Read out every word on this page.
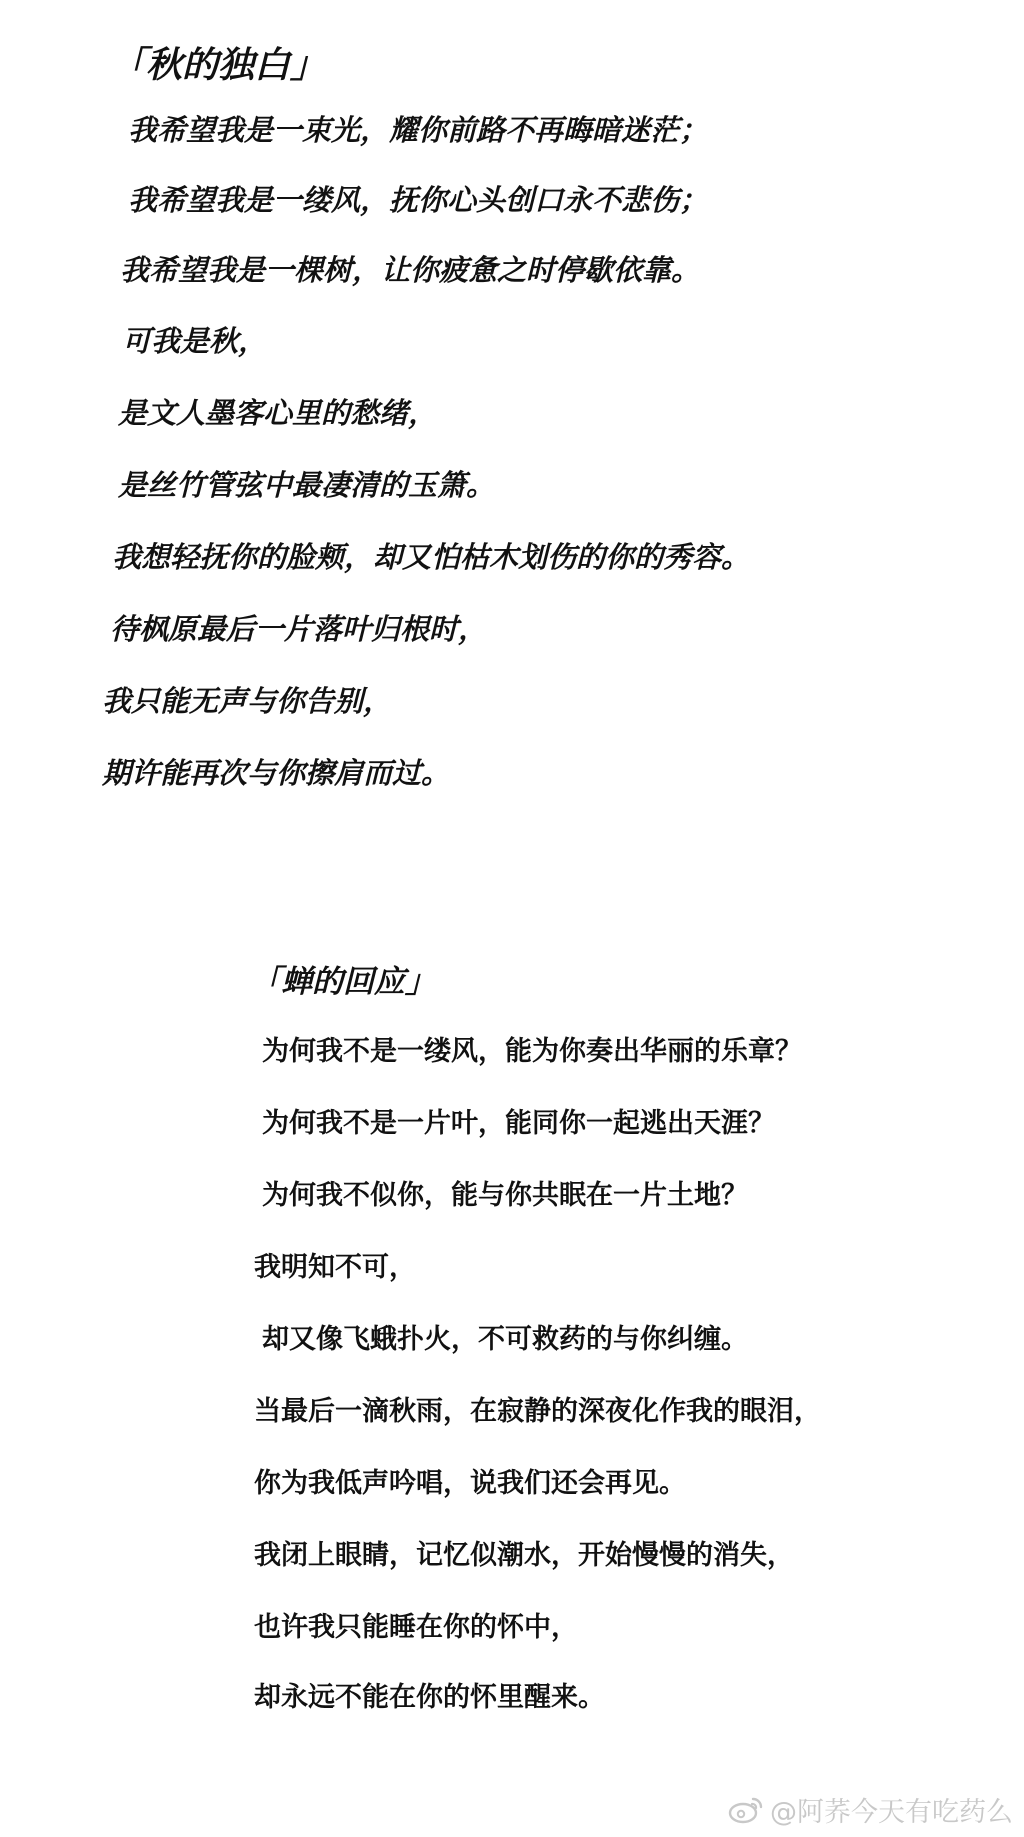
「秋的独白」
我希望我是一束光，耀你前路不再晦暗迷茫；
我希望我是一缕风，抚你心头创口永不悲伤；
我希望我是一棵树，让你疲惫之时停歇依靠。
可我是秋，
是文人墨客心里的愁绪，
是丝竹管弦中最凄清的玉箫。
我想轻抚你的脸颊，却又怕枯木划伤的你的秀容。
待枫原最后一片落叶归根时，
我只能无声与你告别，
期许能再次与你擦肩而过。
「蝉的回应」
为何我不是一缕风，能为你奏出华丽的乐章？
为何我不是一片叶，能同你一起逃出天涯？
为何我不似你，能与你共眠在一片土地？
我明知不可，
却又像飞蛾扑火，不可救药的与你纠缠。
当最后一滴秋雨，在寂静的深夜化作我的眼泪，
你为我低声吟唱，说我们还会再见。
我闭上眼睛，记忆似潮水，开始慢慢的消失，
也许我只能睡在你的怀中，
却永远不能在你的怀里醒来。
@阿荞今天有吃药么
